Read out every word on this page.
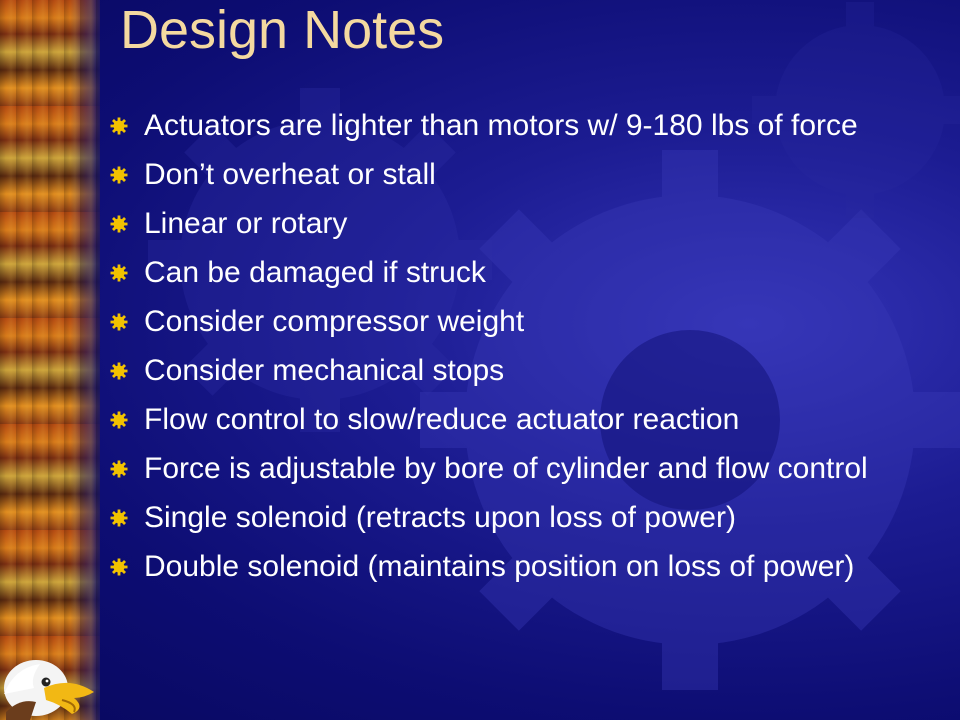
Design Notes
Actuators are lighter than motors w/ 9-180 lbs of force
Don’t overheat or stall
Linear or rotary
Can be damaged if struck
Consider compressor weight
Consider mechanical stops
Flow control to slow/reduce actuator reaction
Force is adjustable by bore of cylinder and flow control
Single solenoid (retracts upon loss of power)
Double solenoid (maintains position on loss of power)
